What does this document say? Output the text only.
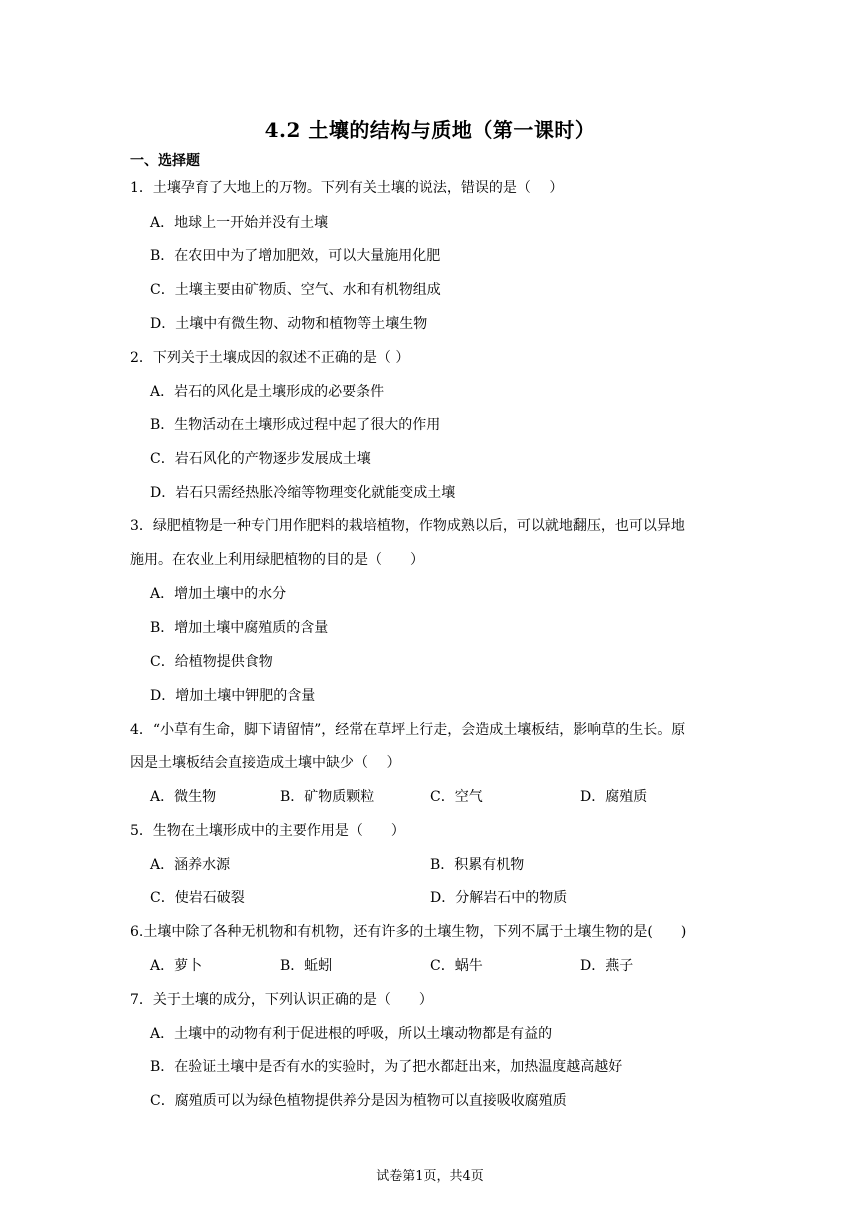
4.2 土壤的结构与质地（第一课时）
一、选择题
1．土壤孕育了大地上的万物。下列有关土壤的说法，错误的是（　 ）
A．地球上一开始并没有土壤
B．在农田中为了增加肥效，可以大量施用化肥
C．土壤主要由矿物质、空气、水和有机物组成
D．土壤中有微生物、动物和植物等土壤生物
2．下列关于土壤成因的叙述不正确的是（ ）
A．岩石的风化是土壤形成的必要条件
B．生物活动在土壤形成过程中起了很大的作用
C．岩石风化的产物逐步发展成土壤
D．岩石只需经热胀冷缩等物理变化就能变成土壤
3．绿肥植物是一种专门用作肥料的栽培植物，作物成熟以后，可以就地翻压，也可以异地
施用。在农业上利用绿肥植物的目的是（　　）
A．增加土壤中的水分
B．增加土壤中腐殖质的含量
C．给植物提供食物
D．增加土壤中钾肥的含量
4．“小草有生命，脚下请留情”，经常在草坪上行走，会造成土壤板结，影响草的生长。原
因是土壤板结会直接造成土壤中缺少（　 ）
A．微生物	B．矿物质颗粒	C．空气	D．腐殖质
5．生物在土壤形成中的主要作用是（　　）
A．涵养水源	B．积累有机物
C．使岩石破裂	D．分解岩石中的物质
6.土壤中除了各种无机物和有机物，还有许多的土壤生物，下列不属于土壤生物的是(　　)
A．萝卜	B．蚯蚓	C．蜗牛	D．燕子
7．关于土壤的成分，下列认识正确的是（　　）
A．土壤中的动物有利于促进根的呼吸，所以土壤动物都是有益的
B．在验证土壤中是否有水的实验时，为了把水都赶出来，加热温度越高越好
C．腐殖质可以为绿色植物提供养分是因为植物可以直接吸收腐殖质
试卷第1页，共4页
